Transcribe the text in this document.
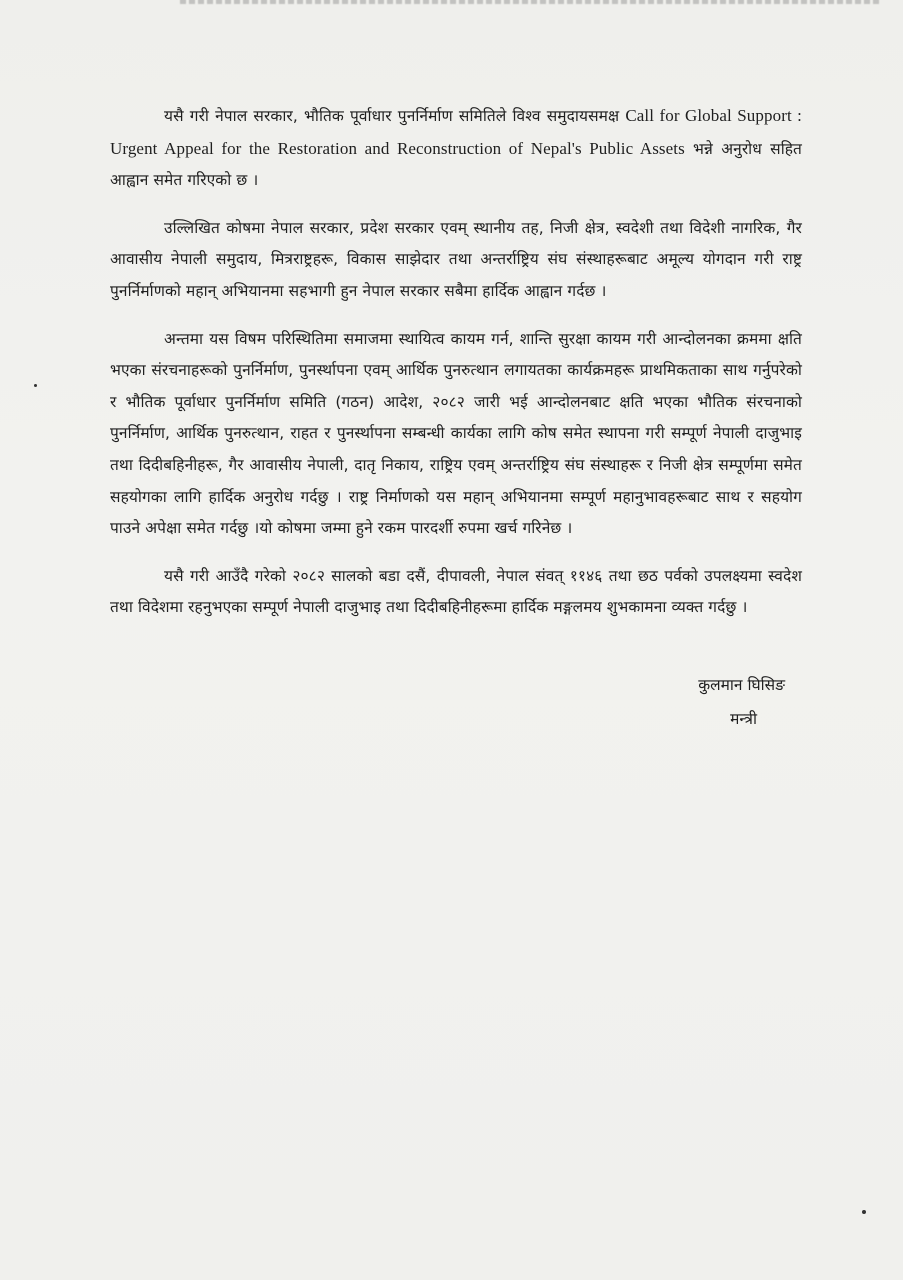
यसै गरी नेपाल सरकार, भौतिक पूर्वाधार पुनर्निर्माण समितिले विश्व समुदायसमक्ष Call for Global Support : Urgent Appeal for the Restoration and Reconstruction of Nepal's Public Assets भन्ने अनुरोध सहित आह्वान समेत गरिएको छ ।

उल्लिखित कोषमा नेपाल सरकार, प्रदेश सरकार एवम् स्थानीय तह, निजी क्षेत्र, स्वदेशी तथा विदेशी नागरिक, गैर आवासीय नेपाली समुदाय, मित्रराष्ट्रहरू, विकास साझेदार तथा अन्तर्राष्ट्रिय संघ संस्थाहरूबाट अमूल्य योगदान गरी राष्ट्र पुनर्निर्माणको महान् अभियानमा सहभागी हुन नेपाल सरकार सबैमा हार्दिक आह्वान गर्दछ ।

अन्तमा यस विषम परिस्थितिमा समाजमा स्थायित्व कायम गर्न, शान्ति सुरक्षा कायम गरी आन्दोलनका क्रममा क्षति भएका संरचनाहरूको पुनर्निर्माण, पुनर्स्थापना एवम् आर्थिक पुनरुत्थान लगायतका कार्यक्रमहरू प्राथमिकताका साथ गर्नुपरेको र भौतिक पूर्वाधार पुनर्निर्माण समिति (गठन) आदेश, २०८२ जारी भई आन्दोलनबाट क्षति भएका भौतिक संरचनाको पुनर्निर्माण, आर्थिक पुनरुत्थान, राहत र पुनर्स्थापना सम्बन्धी कार्यका लागि कोष समेत स्थापना गरी सम्पूर्ण नेपाली दाजुभाइ तथा दिदीबहिनीहरू, गैर आवासीय नेपाली, दातृ निकाय, राष्ट्रिय एवम् अन्तर्राष्ट्रिय संघ संस्थाहरू र निजी क्षेत्र सम्पूर्णमा समेत सहयोगका लागि हार्दिक अनुरोध गर्दछु । राष्ट्र निर्माणको यस महान् अभियानमा सम्पूर्ण महानुभावहरूबाट साथ र सहयोग पाउने अपेक्षा समेत गर्दछु ।यो कोषमा जम्मा हुने रकम पारदर्शी रुपमा खर्च गरिनेछ ।

यसै गरी आउँदै गरेको २०८२ सालको बडा दसैं, दीपावली, नेपाल संवत् ११४६ तथा छठ पर्वको उपलक्ष्यमा स्वदेश तथा विदेशमा रहनुभएका सम्पूर्ण नेपाली दाजुभाइ तथा दिदीबहिनीहरूमा हार्दिक मङ्गलमय शुभकामना व्यक्त गर्दछु ।

कुलमान घिसिङ
मन्त्री
